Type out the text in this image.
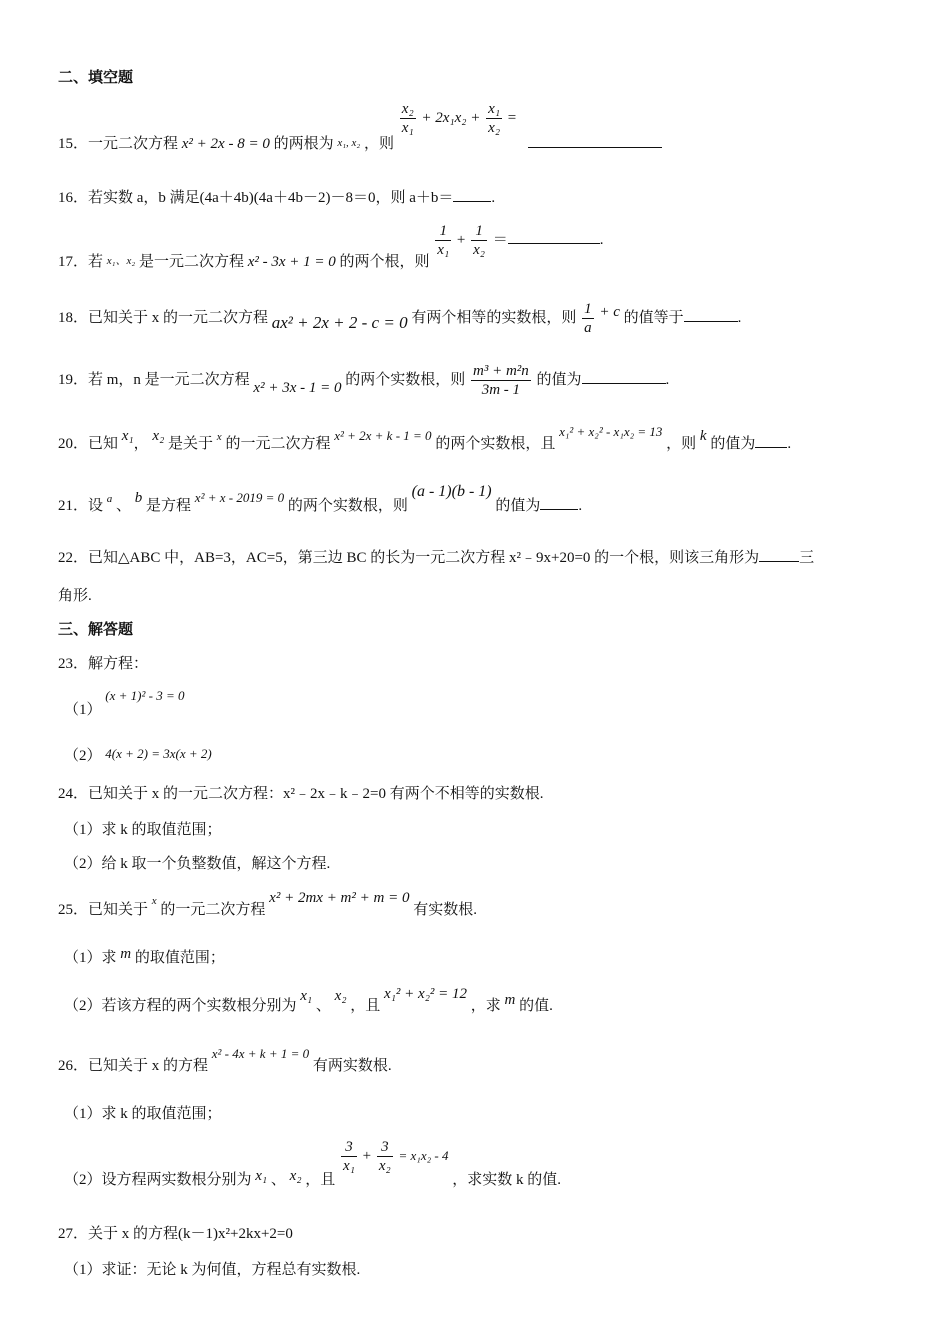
二、填空题
15．一元二次方程 x² + 2x - 8 = 0 的两根为 $_{x_1, x_2}$ ，则
$\frac{\text{x₂}}{\text{x₁}} + 2x_1x_2 + \frac{\text{x₁}}{\text{x₂}}$ =
16．若实数 a，b 满足(4a＋4b)(4a＋4b－2)－8＝0，则 a＋b＝	.
17．若 $_{x_1、x_2}$ 是一元二次方程 x² - 3x + 1 = 0 的两个根，则
$\frac{1}{\text{x₁}} + \frac{1}{\text{x₂}}$ ＝	.
18．已知关于 x 的一元二次方程 ax² + 2x + 2 - c = 0 有两个相等的实数根，则 $\frac{1}{a} + c$ 的值等于	.
19．若 m，n 是一元二次方程 x² + 3x - 1 = 0 的两个实数根，则 $\frac{\text{m³ + m²n}}{3m - 1}$ 的值为	.
20．已知 x₁， x₂ 是关于 $^x$ 的一元二次方程 x² + 2x + k - 1 = 0 的两个实数根，且 x₁² + x₂² - x₁x₂ = 13 ，则 k 的值为 .
21．设 $^a$ 、 b 是方程 x² + x - 2019 = 0 的两个实数根，则 (a - 1)(b - 1) 的值为	.
22．已知△ABC 中，AB=3，AC=5，第三边 BC 的长为一元二次方程 x²﹣9x+20=0 的一个根，则该三角形为	三
角形.
三、解答题
23．解方程：
（1） (x + 1)² - 3 = 0
（2） 4(x + 2) = 3x(x + 2)
24．已知关于 x 的一元二次方程：x²﹣2x﹣k﹣2=0 有两个不相等的实数根.
（1）求 k 的取值范围；
（2）给 k 取一个负整数值，解这个方程.
25．已知关于 $^x$ 的一元二次方程 x² + 2mx + m² + m = 0 有实数根.
（1）求 m 的取值范围；
（2）若该方程的两个实数根分别为 x₁ 、 x₂ ，且 x₁² + x₂² = 12 ，求 m 的值.
26．已知关于 x 的方程 x² - 4x + k + 1 = 0 有两实数根.
（1）求 k 的取值范围；
（2）设方程两实数根分别为 x₁ 、 x₂ ，且
$\frac{3}{\text{x₁}} + \frac{3}{\text{x₂}} = x_1x_2 - 4$ ，求实数 k 的值.
27．关于 x 的方程(k－1)x²+2kx+2=0
（1）求证：无论 k 为何值，方程总有实数根.
